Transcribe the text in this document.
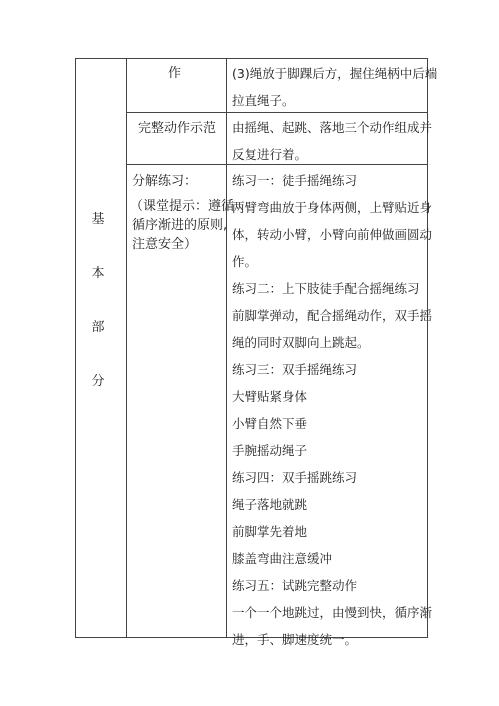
基
本
部
分
作	(3)绳放于脚踝后方，握住绳柄中后端
拉直绳子。
完整动作示范 由摇绳、起跳、落地三个动作组成并
反复进行着。
分解练习：
（课堂提示：遵循
循序渐进的原则,
注意安全）
练习一：徒手摇绳练习
两臂弯曲放于身体两侧，上臂贴近身
体，转动小臂，小臂向前伸做画圆动
作。
练习二：上下肢徒手配合摇绳练习
前脚掌弹动，配合摇绳动作，双手摇
绳的同时双脚向上跳起。
练习三：双手摇绳练习
大臂贴紧身体
小臂自然下垂
手腕摇动绳子
练习四：双手摇跳练习
绳子落地就跳
前脚掌先着地
膝盖弯曲注意缓冲
练习五：试跳完整动作
一个一个地跳过，由慢到快，循序渐
进，手、脚速度统一。
